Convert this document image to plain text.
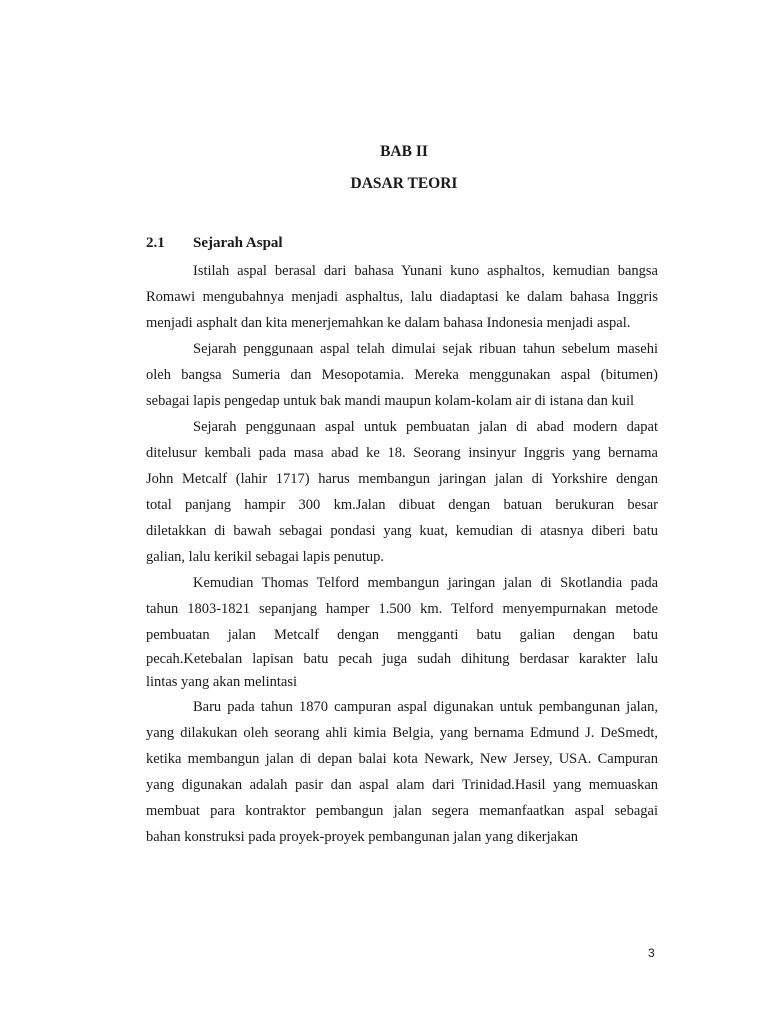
BAB II
DASAR TEORI
2.1 Sejarah Aspal
Istilah aspal berasal dari bahasa Yunani kuno asphaltos, kemudian bangsa
Romawi mengubahnya menjadi asphaltus, lalu diadaptasi ke dalam bahasa Inggris
menjadi asphalt dan kita menerjemahkan ke dalam bahasa Indonesia menjadi aspal.
Sejarah penggunaan aspal telah dimulai sejak ribuan tahun sebelum masehi
oleh bangsa Sumeria dan Mesopotamia. Mereka menggunakan aspal (bitumen)
sebagai lapis pengedap untuk bak mandi maupun kolam-kolam air di istana dan kuil
Sejarah penggunaan aspal untuk pembuatan jalan di abad modern dapat
ditelusur kembali pada masa abad ke 18. Seorang insinyur Inggris yang bernama
John Metcalf (lahir 1717) harus membangun jaringan jalan di Yorkshire dengan
total panjang hampir 300 km.Jalan dibuat dengan batuan berukuran besar
diletakkan di bawah sebagai pondasi yang kuat, kemudian di atasnya diberi batu
galian, lalu kerikil sebagai lapis penutup.
Kemudian Thomas Telford membangun jaringan jalan di Skotlandia pada
tahun 1803-1821 sepanjang hamper 1.500 km. Telford menyempurnakan metode
pembuatan jalan Metcalf dengan mengganti batu galian dengan batu
pecah.Ketebalan lapisan batu pecah juga sudah dihitung berdasar karakter lalu
lintas yang akan melintasi
Baru pada tahun 1870 campuran aspal digunakan untuk pembangunan jalan,
yang dilakukan oleh seorang ahli kimia Belgia, yang bernama Edmund J. DeSmedt,
ketika membangun jalan di depan balai kota Newark, New Jersey, USA. Campuran
yang digunakan adalah pasir dan aspal alam dari Trinidad.Hasil yang memuaskan
membuat para kontraktor pembangun jalan segera memanfaatkan aspal sebagai
bahan konstruksi pada proyek-proyek pembangunan jalan yang dikerjakan
3
